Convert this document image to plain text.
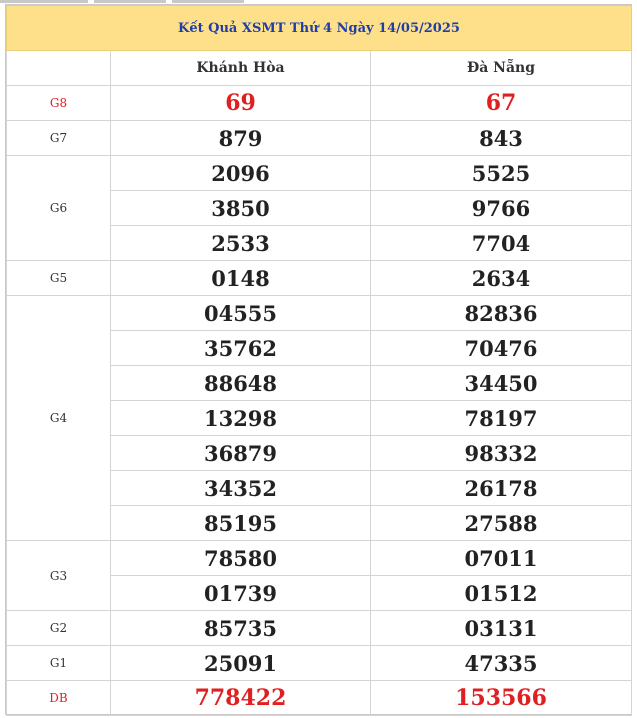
Kết Quả XSMT Thứ 4 Ngày 14/05/2025		
	Khánh Hòa	Đà Nẵng
G8	69	67
G7	879	843
G6	2096	5525
	3850	9766
	2533	7704
G5	0148	2634
G4	04555	82836
	35762	70476
	88648	34450
	13298	78197
	36879	98332
	34352	26178
	85195	27588
G3	78580	07011
	01739	01512
G2	85735	03131
G1	25091	47335
DB	778422	153566
